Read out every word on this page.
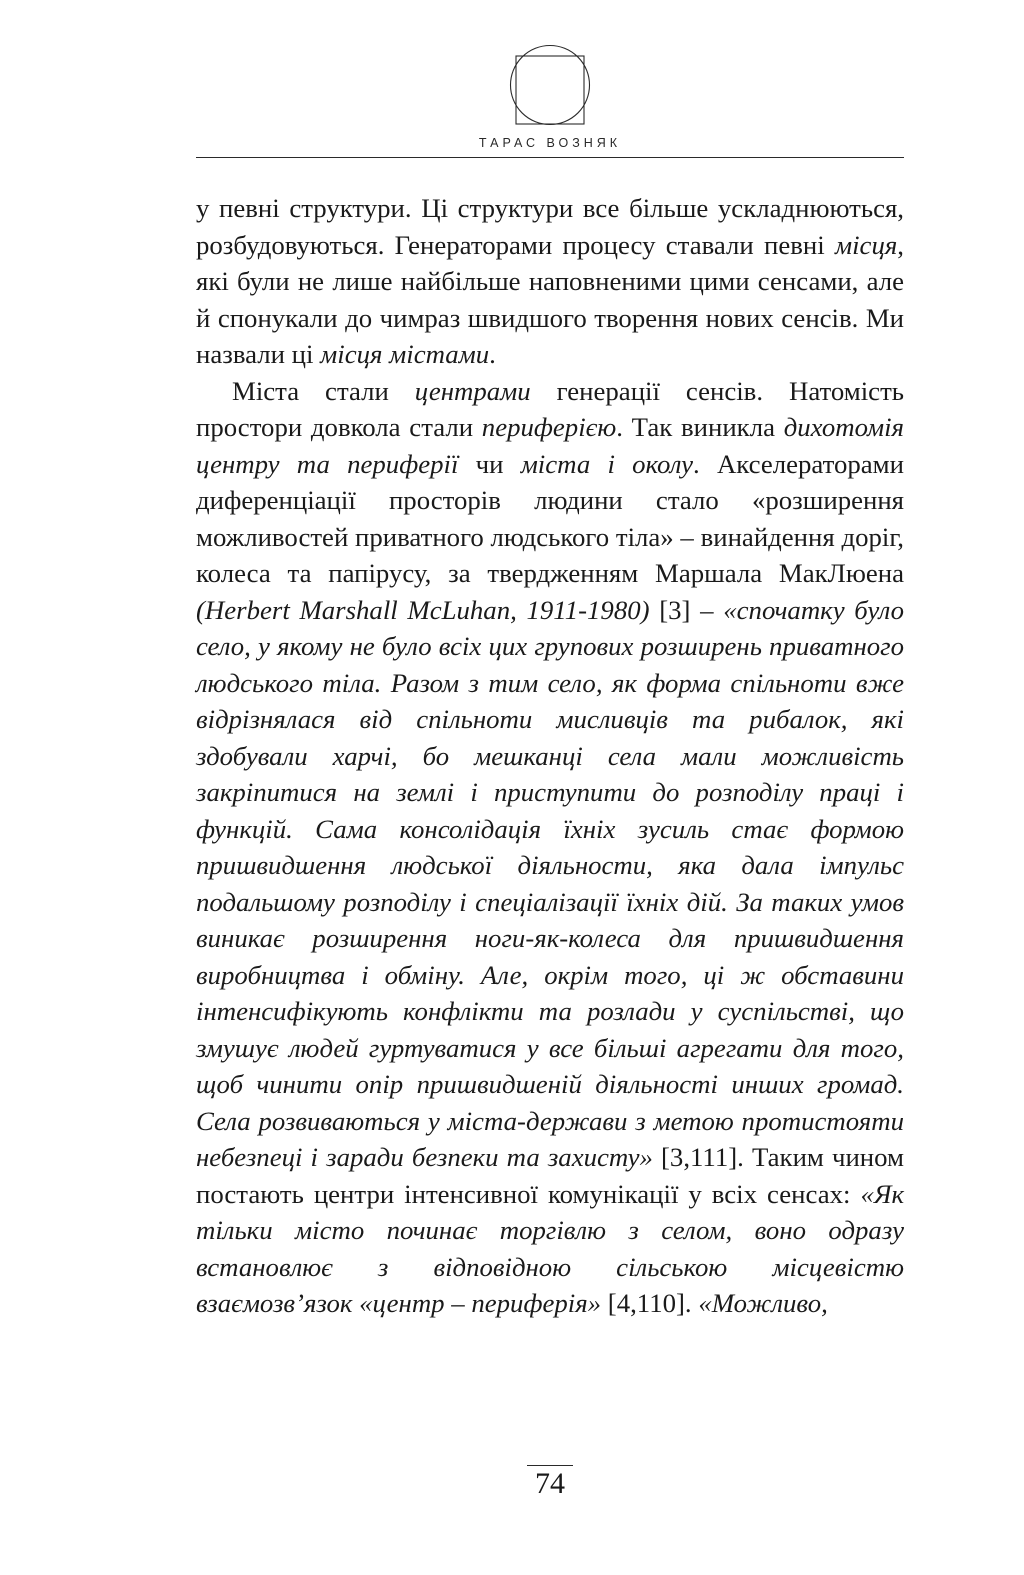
ТАРАС ВОЗНЯК

у певні структури. Ці структури все більше ускладнюються, розбудовуються. Генераторами процесу ставали певні місця, які були не лише найбільше наповненими цими сенсами, але й спонукали до чимраз швидшого творення нових сенсів. Ми назвали ці місця містами.

Міста стали центрами генерації сенсів. Натомість простори довкола стали периферією. Так виникла дихотомія центру та периферії чи міста і околу. Акселераторами диференціації просторів людини стало «розширення можливостей приватного людського тіла» – винайдення доріг, колеса та папірусу, за твердженням Маршала МакЛюена (Herbert Marshall McLuhan, 1911-1980) [3] – «спочатку було село, у якому не було всіх цих групових розширень приватного людського тіла. Разом з тим село, як форма спільноти вже відрізнялася від спільноти мисливців та рибалок, які здобували харчі, бо мешканці села мали можливість закріпитися на землі і приступити до розподілу праці і функцій. Сама консолідація їхніх зусиль стає формою пришвидшення людської діяльности, яка дала імпульс подальшому розподілу і спеціалізації їхніх дій. За таких умов виникає розширення ноги-як-колеса для пришвидшення виробництва і обміну. Але, окрім того, ці ж обставини інтенсифікують конфлікти та розлади у суспільстві, що змушує людей гуртуватися у все більші агрегати для того, щоб чинити опір пришвидшеній діяльності инших громад. Села розвиваються у міста-держави з метою протистояти небезпеці і заради безпеки та захисту» [3,111]. Таким чином постають центри інтенсивної комунікації у всіх сенсах: «Як тільки місто починає торгівлю з селом, воно одразу встановлює з відповідною сільською місцевістю взаємозв’язок «центр – периферія» [4,110]. «Можливо,

74
